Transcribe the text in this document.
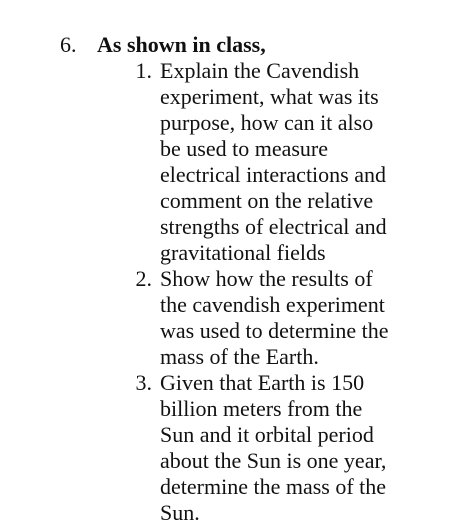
6. As shown in class,
1. Explain the Cavendish
experiment, what was its
purpose, how can it also
be used to measure
electrical interactions and
comment on the relative
strengths of electrical and
gravitational fields
2. Show how the results of
the cavendish experiment
was used to determine the
mass of the Earth.
3. Given that Earth is 150
billion meters from the
Sun and it orbital period
about the Sun is one year,
determine the mass of the
Sun.
